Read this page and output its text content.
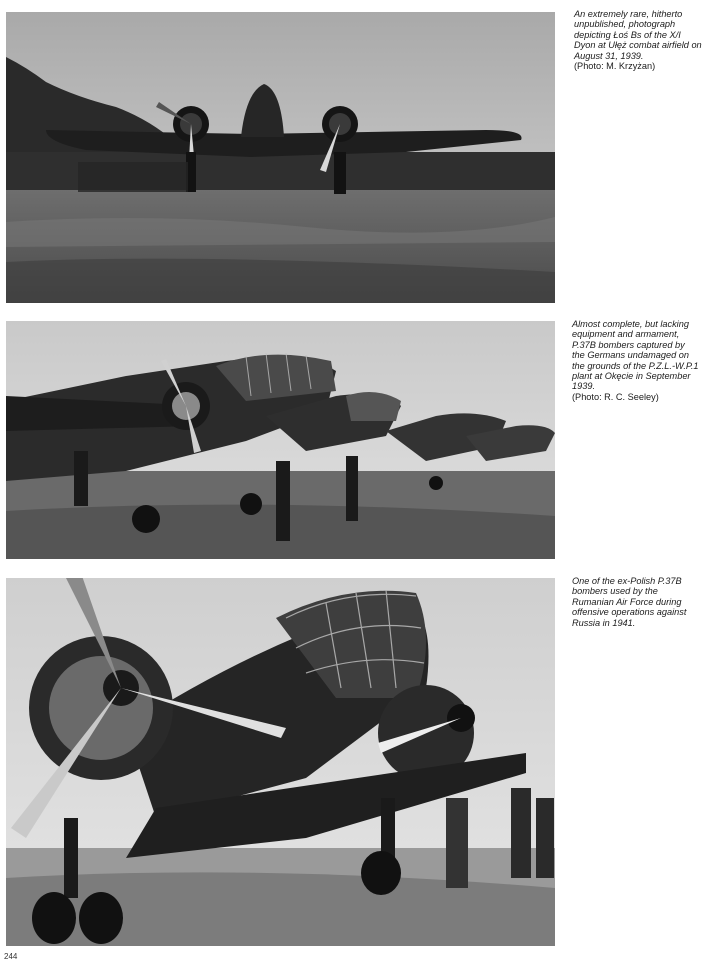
An extremely rare, hitherto unpublished, photograph depicting Łoś Bs of the X/I Dyon at Ułęż combat airfield on August 31, 1939.
(Photo: M. Krzyżan)

Almost complete, but lacking equipment and armament, P.37B bombers captured by the Germans undamaged on the grounds of the P.Z.L.-W.P.1 plant at Okęcie in September 1939.
(Photo: R. C. Seeley)

One of the ex-Polish P.37B bombers used by the Rumanian Air Force during offensive operations against Russia in 1941.

244
